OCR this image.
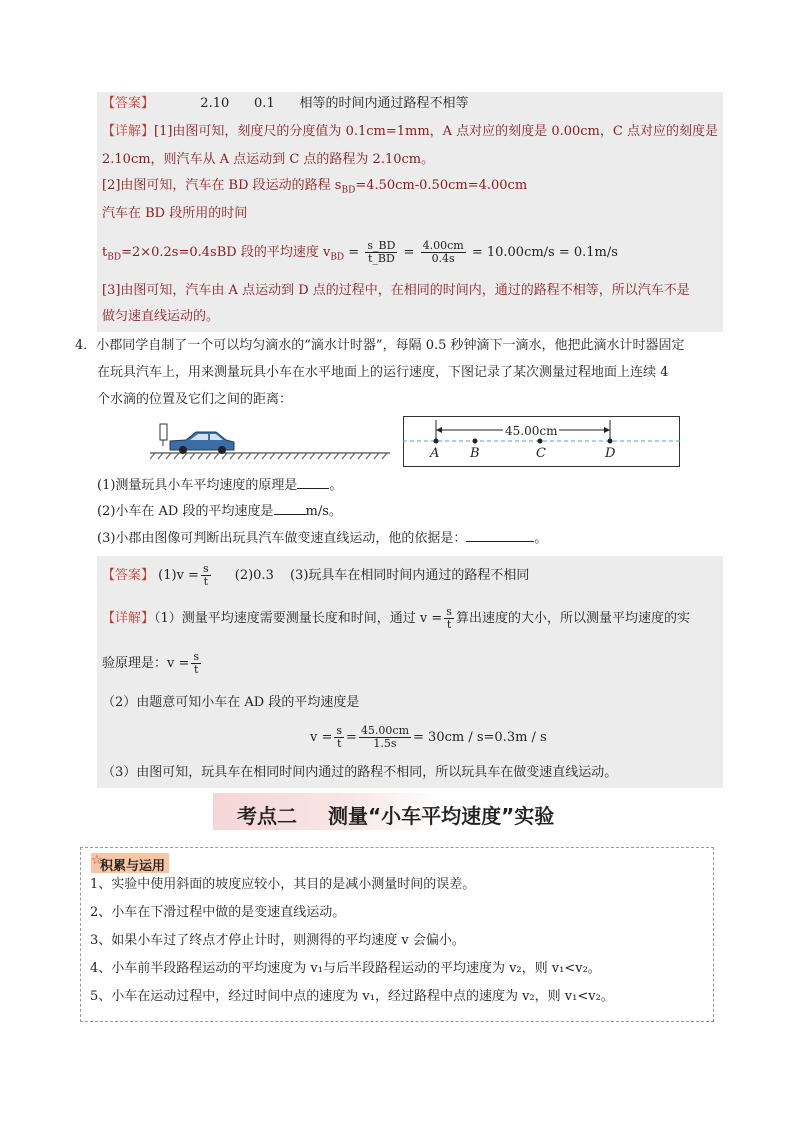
【答案】	2.10      0.1      相等的时间内通过路程不相等
【详解】[1]由图可知，刻度尺的分度值为 0.1cm=1mm，A 点对应的刻度是 0.00cm，C 点对应的刻度是
2.10cm，则汽车从 A 点运动到 C 点的路程为 2.10cm。
[2]由图可知，汽车在 BD 段运动的路程 $s_{BD}=4.50cm-0.50cm=4.00cm$
汽车在 BD 段所用的时间
$t_{BD}=2\times 0.2s=0.4sBD$ 段的平均速度 $v_{BD} = \frac{s\_BD}{t\_BD} = \frac{4.00cm}{0.4s} = 10.00cm/s = 0.1m/s$
[3]由图可知，汽车由 A 点运动到 D 点的过程中，在相同的时间内，通过的路程不相等，所以汽车不是
做匀速直线运动的。
4．小郡同学自制了一个可以均匀滴水的“滴水计时器”，每隔 0.5 秒钟滴下一滴水，他把此滴水计时器固定
在玩具汽车上，用来测量玩具小车在水平地面上的运行速度，下图记录了某次测量过程地面上连续 4
个水滴的位置及它们之间的距离：
45.00cm
A B	C	D
(1)测量玩具小车平均速度的原理是 。
(2)小车在 AD 段的平均速度是 m/s。
(3)小郡由图像可判断出玩具汽车做变速直线运动，他的依据是：	。
【答案】 $(1)v = \frac{s}{t} (2)0.3$ (3)玩具车在相同时间内通过的路程不相同
【详解】（1）测量平均速度需要测量长度和时间，通过 $v = \frac{s}{t}$ 算出速度的大小，所以测量平均速度的实
验原理是：$v = \frac{s}{t}$
（2）由题意可知小车在 AD 段的平均速度是
$v = \frac{s}{t} = \frac{45.00cm}{1.5s} = 30cm / s=0.3m / s$
（3）由图可知，玩具车在相同时间内通过的路程不相同，所以玩具车在做变速直线运动。
考点二 测量“小车平均速度”实验
☆
积累与运用
1、实验中使用斜面的坡度应较小，其目的是减小测量时间的误差。
2、小车在下滑过程中做的是变速直线运动。
3、如果小车过了终点才停止计时，则测得的平均速度 v 会偏小。
4、小车前半段路程运动的平均速度为 v₁与后半段路程运动的平均速度为 v₂，则 v₁<v₂。
5、小车在运动过程中，经过时间中点的速度为 v₁，经过路程中点的速度为 v₂，则 v₁<v₂。
